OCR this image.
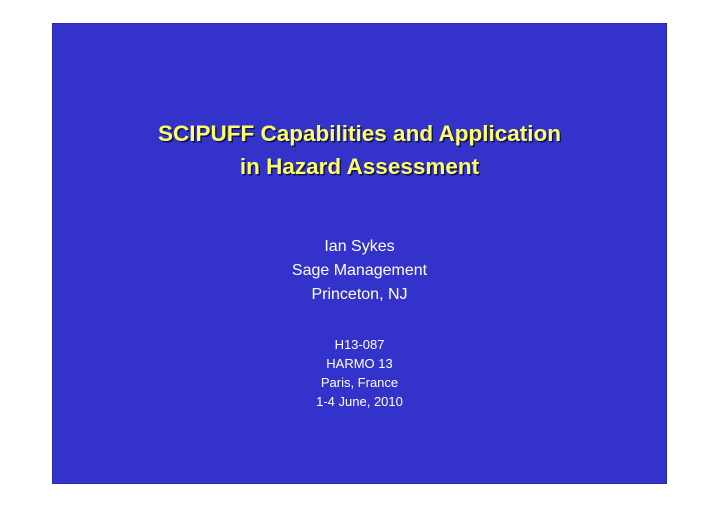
SCIPUFF Capabilities and Application
in Hazard Assessment
Ian Sykes
Sage Management
Princeton, NJ
H13-087
HARMO 13
Paris, France
1-4 June, 2010
